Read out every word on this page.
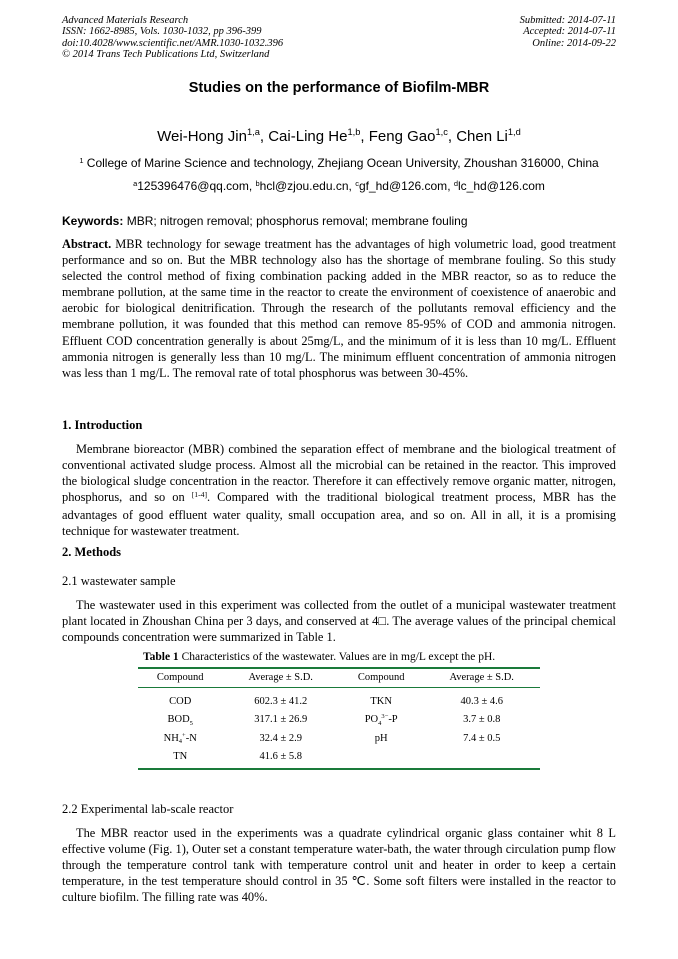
Advanced Materials Research
ISSN: 1662-8985, Vols. 1030-1032, pp 396-399
doi:10.4028/www.scientific.net/AMR.1030-1032.396
© 2014 Trans Tech Publications Ltd, Switzerland
Submitted: 2014-07-11
Accepted: 2014-07-11
Online: 2014-09-22
Studies on the performance of Biofilm-MBR
Wei-Hong Jin$^{1,a}$, Cai-Ling He$^{1,b}$, Feng Gao$^{1,c}$, Chen Li$^{1,d}$
$^1$ College of Marine Science and technology, Zhejiang Ocean University, Zhoushan 316000, China
$^a$125396476@qq.com, $^b$hcl@zjou.edu.cn, $^c$gf_hd@126.com, $^d$lc_hd@126.com
Keywords: MBR; nitrogen removal; phosphorus removal; membrane fouling
Abstract. MBR technology for sewage treatment has the advantages of high volumetric load, good treatment performance and so on. But the MBR technology also has the shortage of membrane fouling. So this study selected the control method of fixing combination packing added in the MBR reactor, so as to reduce the membrane pollution, at the same time in the reactor to create the environment of coexistence of anaerobic and aerobic for biological denitrification. Through the research of the pollutants removal efficiency and the membrane pollution, it was founded that this method can remove 85-95% of COD and ammonia nitrogen. Effluent COD concentration generally is about 25mg/L, and the minimum of it is less than 10 mg/L. Effluent ammonia nitrogen is generally less than 10 mg/L. The minimum effluent concentration of ammonia nitrogen was less than 1 mg/L. The removal rate of total phosphorus was between 30-45%.
1. Introduction
Membrane bioreactor (MBR) combined the separation effect of membrane and the biological treatment of conventional activated sludge process. Almost all the microbial can be retained in the reactor. This improved the biological sludge concentration in the reactor. Therefore it can effectively remove organic matter, nitrogen, phosphorus, and so on [1-4]. Compared with the traditional biological treatment process, MBR has the advantages of good effluent water quality, small occupation area, and so on. All in all, it is a promising technique for wastewater treatment.
2. Methods
2.1 wastewater sample
The wastewater used in this experiment was collected from the outlet of a municipal wastewater treatment plant located in Zhoushan China per 3 days, and conserved at 4□. The average values of the principal chemical compounds concentration were summarized in Table 1.
Table 1 Characteristics of the wastewater. Values are in mg/L except the pH.
Compound	Average ± S.D.	Compound	Average ± S.D.
COD	602.3 ± 41.2	TKN	40.3 ± 4.6
$BOD_5$	317.1 ± 26.9	$PO_4^{3-}-P$	3.7 ± 0.8
$NH_4^+-N$	32.4 ± 2.9	pH	7.4 ± 0.5
TN	41.6 ± 5.8		
2.2 Experimental lab-scale reactor
The MBR reactor used in the experiments was a quadrate cylindrical organic glass container whit 8 L effective volume (Fig. 1), Outer set a constant temperature water-bath, the water through circulation pump flow through the temperature control tank with temperature control unit and heater in order to keep a certain temperature, in the test temperature should control in 35 ℃. Some soft filters were installed in the reactor to culture biofilm. The filling rate was 40%.
